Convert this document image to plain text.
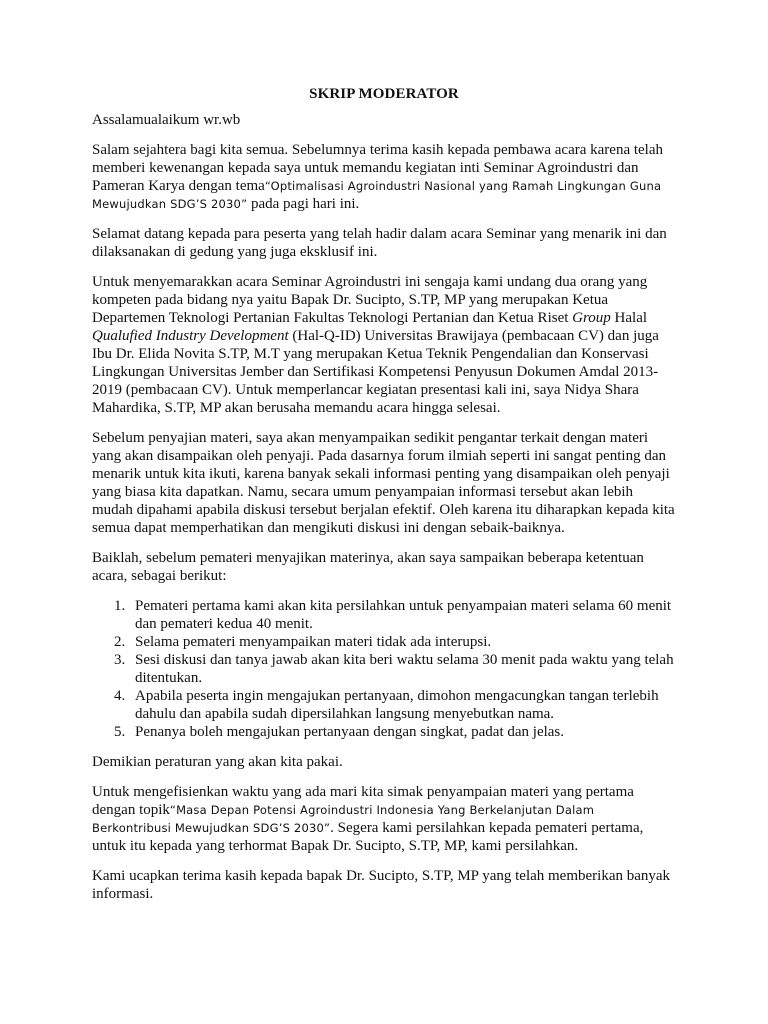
SKRIP MODERATOR

Assalamualaikum wr.wb

Salam sejahtera bagi kita semua. Sebelumnya terima kasih kepada pembawa acara karena telah memberi kewenangan kepada saya untuk memandu kegiatan inti Seminar Agroindustri dan Pameran Karya dengan tema“Optimalisasi Agroindustri Nasional yang Ramah Lingkungan Guna Mewujudkan SDG’S 2030” pada pagi hari ini.

Selamat datang kepada para peserta yang telah hadir dalam acara Seminar yang menarik ini dan dilaksanakan di gedung yang juga eksklusif ini.

Untuk menyemarakkan acara Seminar Agroindustri ini sengaja kami undang dua orang yang kompeten pada bidang nya yaitu Bapak Dr. Sucipto, S.TP, MP yang merupakan Ketua Departemen Teknologi Pertanian Fakultas Teknologi Pertanian dan Ketua Riset Group Halal Qualufied Industry Development (Hal-Q-ID) Universitas Brawijaya (pembacaan CV) dan juga Ibu Dr. Elida Novita S.TP, M.T yang merupakan Ketua Teknik Pengendalian dan Konservasi Lingkungan Universitas Jember dan Sertifikasi Kompetensi Penyusun Dokumen Amdal 2013-2019 (pembacaan CV). Untuk memperlancar kegiatan presentasi kali ini, saya Nidya Shara Mahardika, S.TP, MP akan berusaha memandu acara hingga selesai.

Sebelum penyajian materi, saya akan menyampaikan sedikit pengantar terkait dengan materi yang akan disampaikan oleh penyaji. Pada dasarnya forum ilmiah seperti ini sangat penting dan menarik untuk kita ikuti, karena banyak sekali informasi penting yang disampaikan oleh penyaji yang biasa kita dapatkan. Namu, secara umum penyampaian informasi tersebut akan lebih mudah dipahami apabila diskusi tersebut berjalan efektif. Oleh karena itu diharapkan kepada kita semua dapat memperhatikan dan mengikuti diskusi ini dengan sebaik-baiknya.

Baiklah, sebelum pemateri menyajikan materinya, akan saya sampaikan beberapa ketentuan acara, sebagai berikut:

1. Pemateri pertama kami akan kita persilahkan untuk penyampaian materi selama 60 menit dan pemateri kedua 40 menit.
2. Selama pemateri menyampaikan materi tidak ada interupsi.
3. Sesi diskusi dan tanya jawab akan kita beri waktu selama 30 menit pada waktu yang telah ditentukan.
4. Apabila peserta ingin mengajukan pertanyaan, dimohon mengacungkan tangan terlebih dahulu dan apabila sudah dipersilahkan langsung menyebutkan nama.
5. Penanya boleh mengajukan pertanyaan dengan singkat, padat dan jelas.

Demikian peraturan yang akan kita pakai.

Untuk mengefisienkan waktu yang ada mari kita simak penyampaian materi yang pertama dengan topik“Masa Depan Potensi Agroindustri Indonesia Yang Berkelanjutan Dalam Berkontribusi Mewujudkan SDG’S 2030”. Segera kami persilahkan kepada pemateri pertama, untuk itu kepada yang terhormat Bapak Dr. Sucipto, S.TP, MP, kami persilahkan.

Kami ucapkan terima kasih kepada bapak Dr. Sucipto, S.TP, MP yang telah memberikan banyak informasi.
